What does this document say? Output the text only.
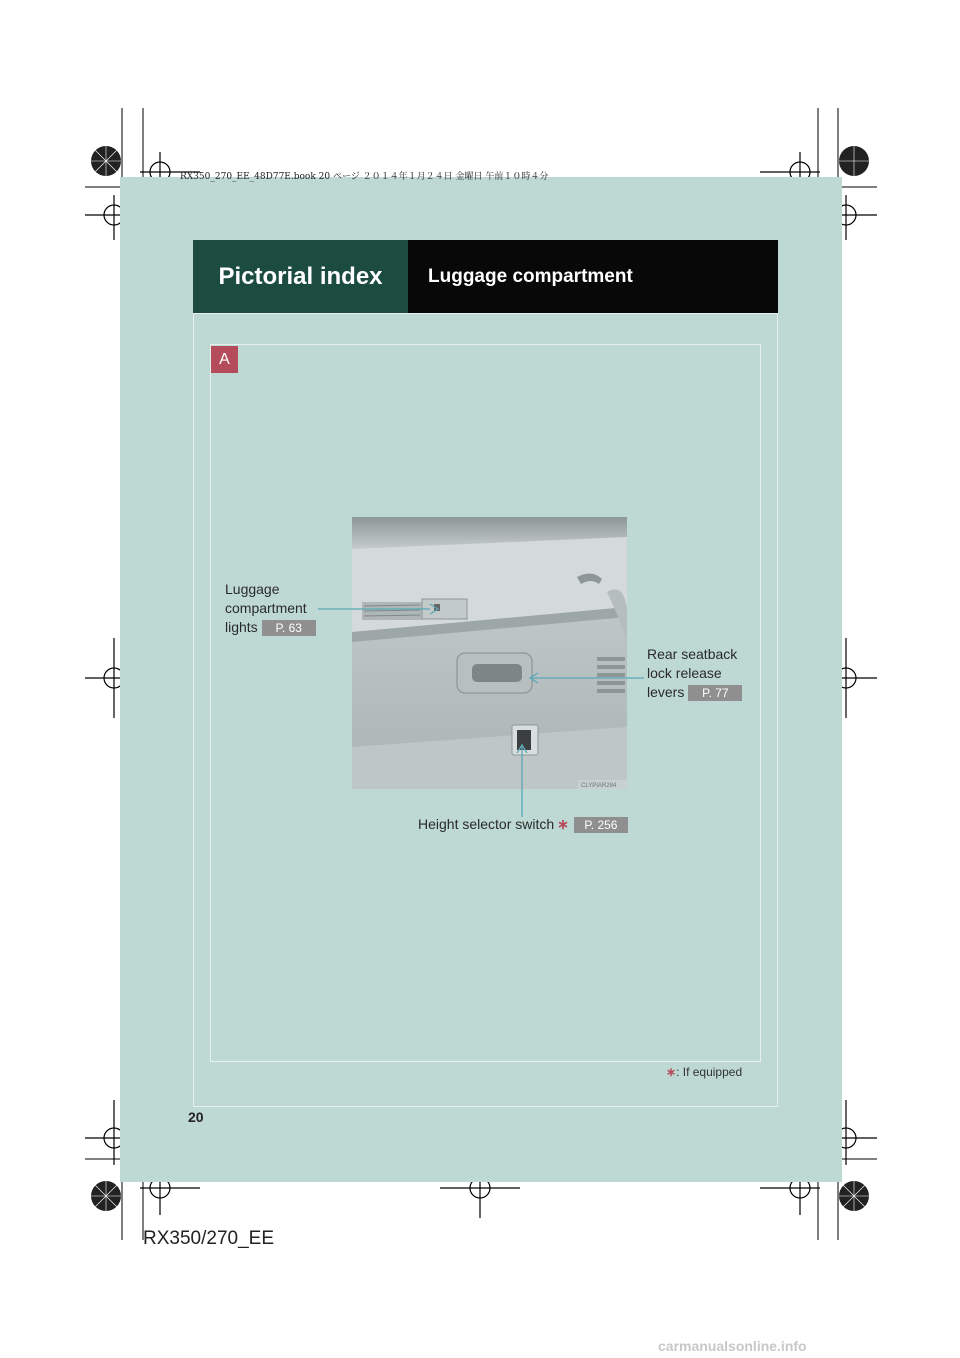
RX350_270_EE_48D77E.book 20 ページ ２０１４年１月２４日 金曜日 午前１０時４分
Pictorial index	Luggage compartment
A
CLYPIAR284
Luggage
compartment
lights	P. 63
Rear seatback
lock release
levers	P. 77
Height selector switch ∗	P. 256
∗: If equipped
20
RX350/270_EE
carmanualsonline.info
